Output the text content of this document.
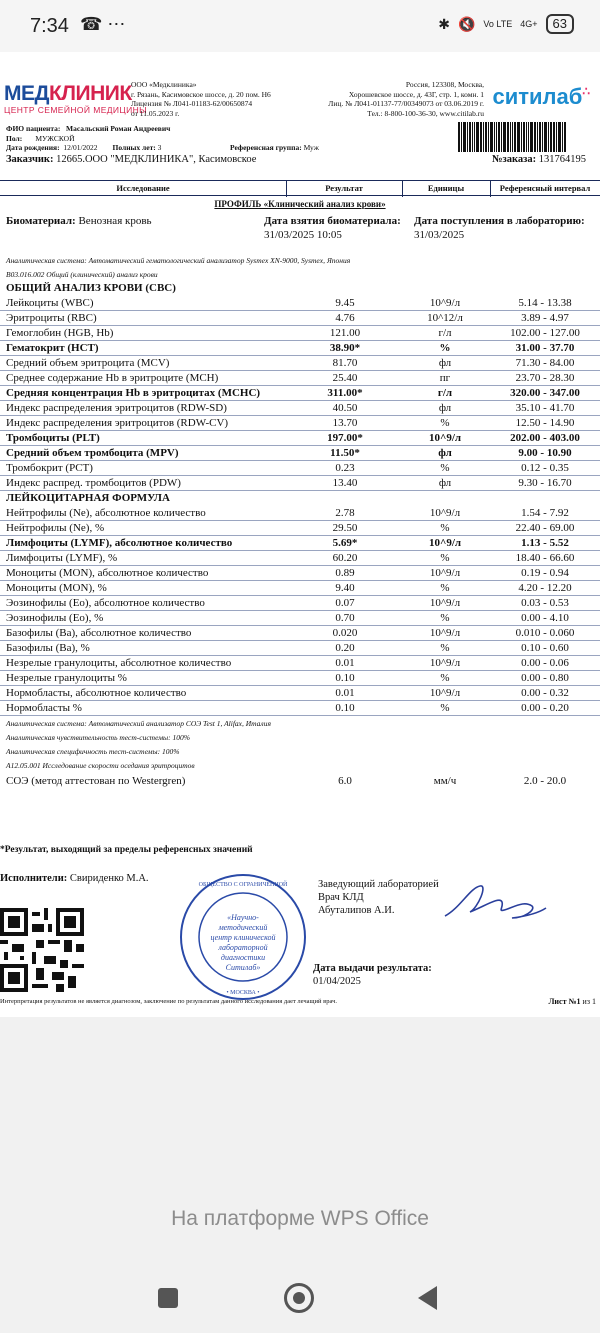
7:34 ☎ ⋯	✱ 🔇 Vo LTE 4G+	63
МЕДКЛИНИК
ЦЕНТР СЕМЕЙНОЙ МЕДИЦИНЫ
ООО «Медклиника»
г. Рязань, Касимовское шоссе, д. 20 пом. Н6
Лицензия № Л041-01183-62/00650874
от 11.05.2023 г.
Россия, 123308, Москва,
Хорошевское шоссе, д. 43Г, стр. 1, комн. 1
Лиц. № Л041-01137-77/00349073 от 03.06.2019 г.
Тел.: 8-800-100-36-30, www.citilab.ru
ситилаб∴
ФИО пациента: Масальский Роман Андреевич
Пол: МУЖСКОЙ
Дата рождения: 12/01/2022 Полных лет: 3	Референсная группа: Муж
Заказчик: 12665.ООО "МЕДКЛИНИКА", Касимовское	№заказа: 131764195
Исследование	Результат	Единицы	Референсный интервал
ПРОФИЛЬ «Клинический анализ крови»
Биоматериал: Венозная кровь	Дата взятия биоматериала:
31/03/2025 10:05
Дата поступления в лабораторию:
31/03/2025
Аналитическая система: Автоматический гематологический анализатор Sysmex XN-9000, Sysmex, Япония
B03.016.002 Общий (клинический) анализ крови
ОБЩИЙ АНАЛИЗ КРОВИ (CBC)
Лейкоциты (WBC)	9.45	10^9/л	5.14 - 13.38
Эритроциты (RBC)	4.76	10^12/л	3.89 - 4.97
Гемоглобин (HGB, Hb)	121.00	г/л	102.00 - 127.00
Гематокрит (HCT)	38.90*	%	31.00 - 37.70
Средний объем эритроцита (MCV)	81.70	фл	71.30 - 84.00
Среднее содержание Hb в эритроците (MCH)	25.40	пг	23.70 - 28.30
Средняя концентрация Hb в эритроцитах (MCHC)	311.00*	г/л	320.00 - 347.00
Индекс распределения эритроцитов (RDW-SD)	40.50	фл	35.10 - 41.70
Индекс распределения эритроцитов (RDW-CV)	13.70	%	12.50 - 14.90
Тромбоциты (PLT)	197.00*	10^9/л	202.00 - 403.00
Средний объем тромбоцита (MPV)	11.50*	фл	9.00 - 10.90
Тромбокрит (PCT)	0.23	%	0.12 - 0.35
Индекс распред. тромбоцитов (PDW)	13.40	фл	9.30 - 16.70
ЛЕЙКОЦИТАРНАЯ ФОРМУЛА
Нейтрофилы (Ne), абсолютное количество	2.78	10^9/л	1.54 - 7.92
Нейтрофилы (Ne), %	29.50	%	22.40 - 69.00
Лимфоциты (LYMF), абсолютное количество	5.69*	10^9/л	1.13 - 5.52
Лимфоциты (LYMF), %	60.20	%	18.40 - 66.60
Моноциты (MON), абсолютное количество	0.89	10^9/л	0.19 - 0.94
Моноциты (MON), %	9.40	%	4.20 - 12.20
Эозинофилы (Eo), абсолютное количество	0.07	10^9/л	0.03 - 0.53
Эозинофилы (Eo), %	0.70	%	0.00 - 4.10
Базофилы (Ba), абсолютное количество	0.020	10^9/л	0.010 - 0.060
Базофилы (Ba), %	0.20	%	0.10 - 0.60
Незрелые гранулоциты, абсолютное количество	0.01	10^9/л	0.00 - 0.06
Незрелые гранулоциты %	0.10	%	0.00 - 0.80
Нормобласты, абсолютное количество	0.01	10^9/л	0.00 - 0.32
Нормобласты %	0.10	%	0.00 - 0.20
Аналитическая система: Автоматический анализатор СОЭ Test 1, Alifax, Италия
Аналитическая чувствительность тест-системы: 100%
Аналитическая специфичность тест-системы: 100%
A12.05.001 Исследование скорости оседания эритроцитов
СОЭ (метод аттестован по Westergren)	6.0	мм/ч	2.0 - 20.0
*Результат, выходящий за пределы референсных значений
Исполнители: Свириденко М.А.
«Научно-
методический
центр клинической
лабораторной
диагностики
Ситилаб»
ОБЩЕСТВО С ОГРАНИЧЕННОЙ
• МОСКВА •
Заведующий лабораторией
Врач КЛД
Абуталипов А.И.
Дата выдачи результата:
01/04/2025
Интерпретация результатов не является диагнозом, заключение по результатам данного исследования дает лечащий врач.	Лист №1 из 1
На платформе WPS Office
